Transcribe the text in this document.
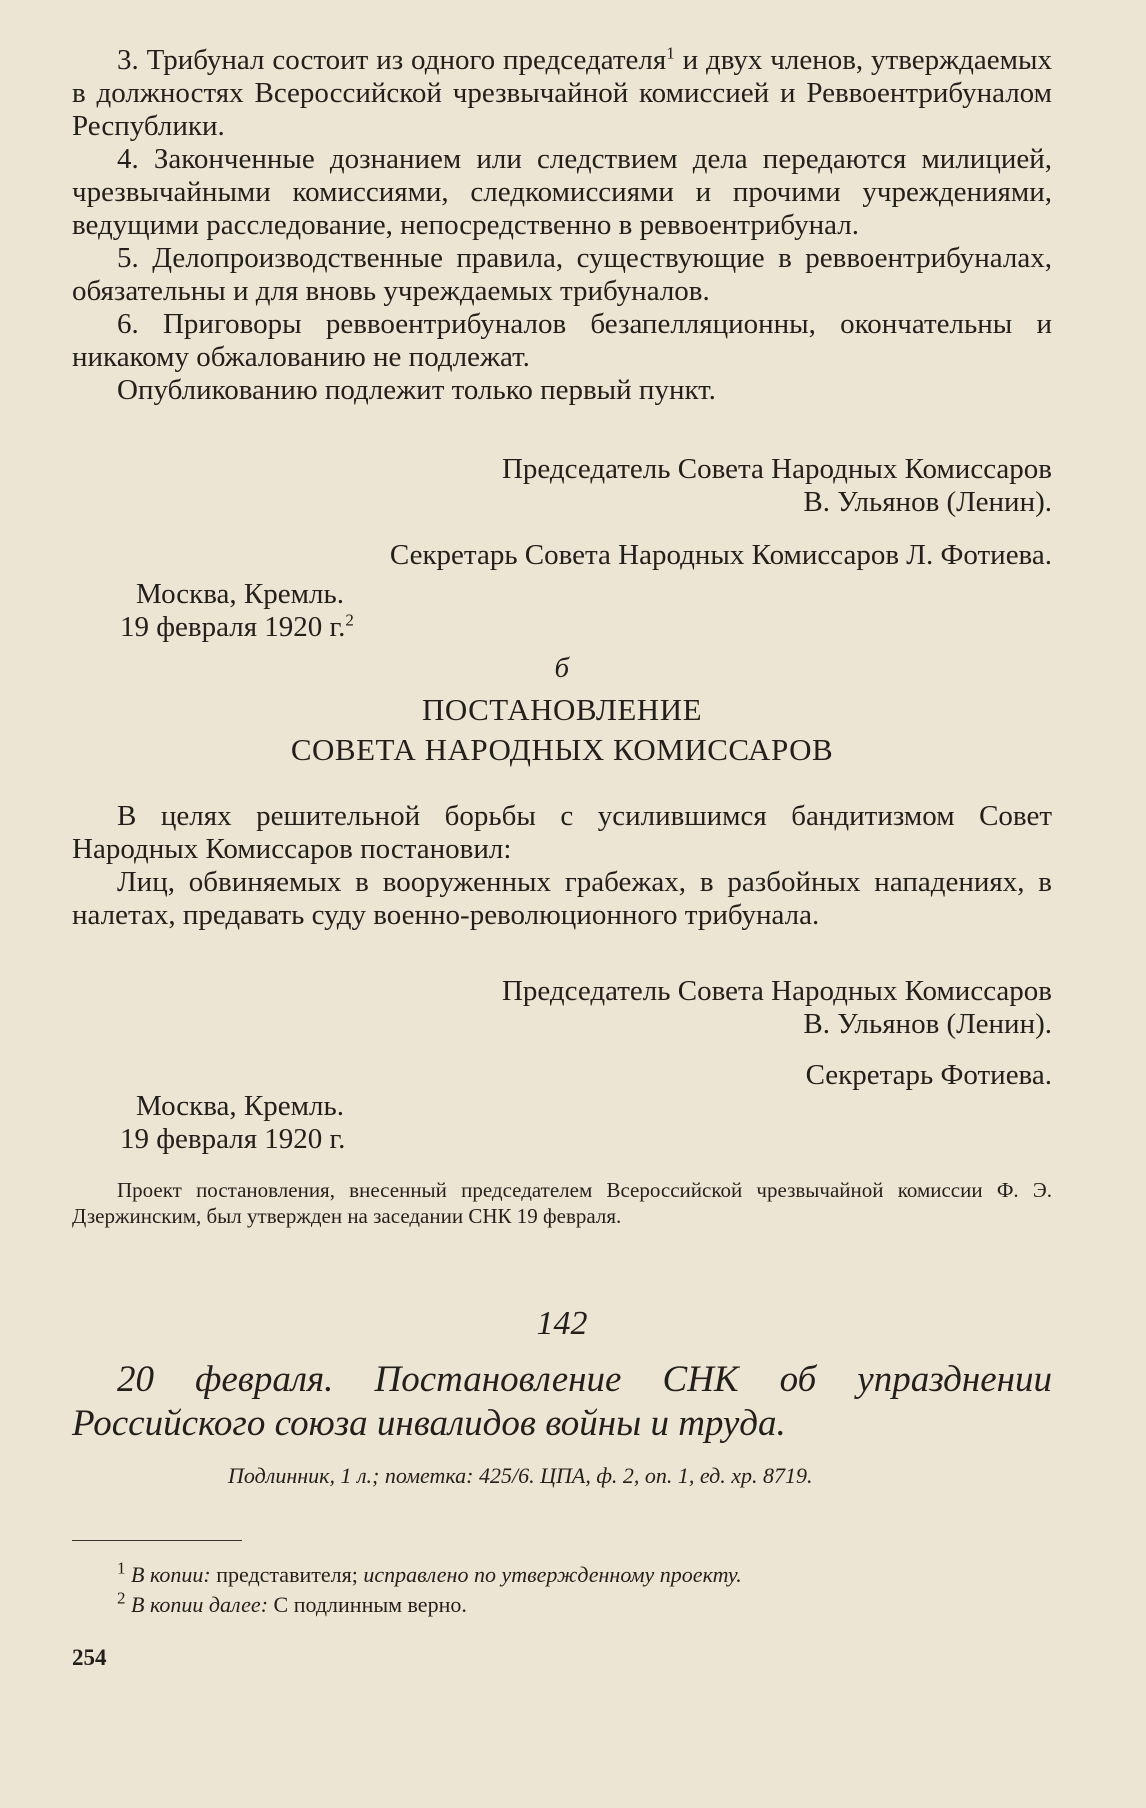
3. Трибунал состоит из одного председателя$^1$ и двух членов, утверждаемых в должностях Всероссийской чрезвычайной комиссией и Реввоентрибуналом Республики.

4. Законченные дознанием или следствием дела передаются милицией, чрезвычайными комиссиями, следкомиссиями и прочими учреждениями, ведущими расследование, непосредственно в реввоентрибунал.

5. Делопроизводственные правила, существующие в реввоентрибуналах, обязательны и для вновь учреждаемых трибуналов.

6. Приговоры реввоентрибуналов безапелляционны, окончательны и никакому обжалованию не подлежат.

Опубликованию подлежит только первый пункт.

Председатель Совета Народных Комиссаров

В. Ульянов (Ленин).

Секретарь Совета Народных Комиссаров Л. Фотиева.

Москва, Кремль.

19 февраля 1920 г.$^2$

б

ПОСТАНОВЛЕНИЕ

СОВЕТА НАРОДНЫХ КОМИССАРОВ

В целях решительной борьбы с усилившимся бандитизмом Совет Народных Комиссаров постановил:

Лиц, обвиняемых в вооруженных грабежах, в разбойных нападениях, в налетах, предавать суду военно-революционного трибунала.

Председатель Совета Народных Комиссаров

В. Ульянов (Ленин).

Секретарь Фотиева.

Москва, Кремль.

19 февраля 1920 г.

Проект постановления, внесенный председателем Всероссийской чрезвычайной комиссии Ф. Э. Дзержинским, был утвержден на заседании СНК 19 февраля.

142

20 февраля. Постановление СНК об упразднении Российского союза инвалидов войны и труда.

Подлинник, 1 л.; пометка: 425/6. ЦПА, ф. 2, оп. 1, ед. хр. 8719.

$^1$ В копии: представителя; исправлено по утвержденному проекту.

$^2$ В копии далее: С подлинным верно.

254
